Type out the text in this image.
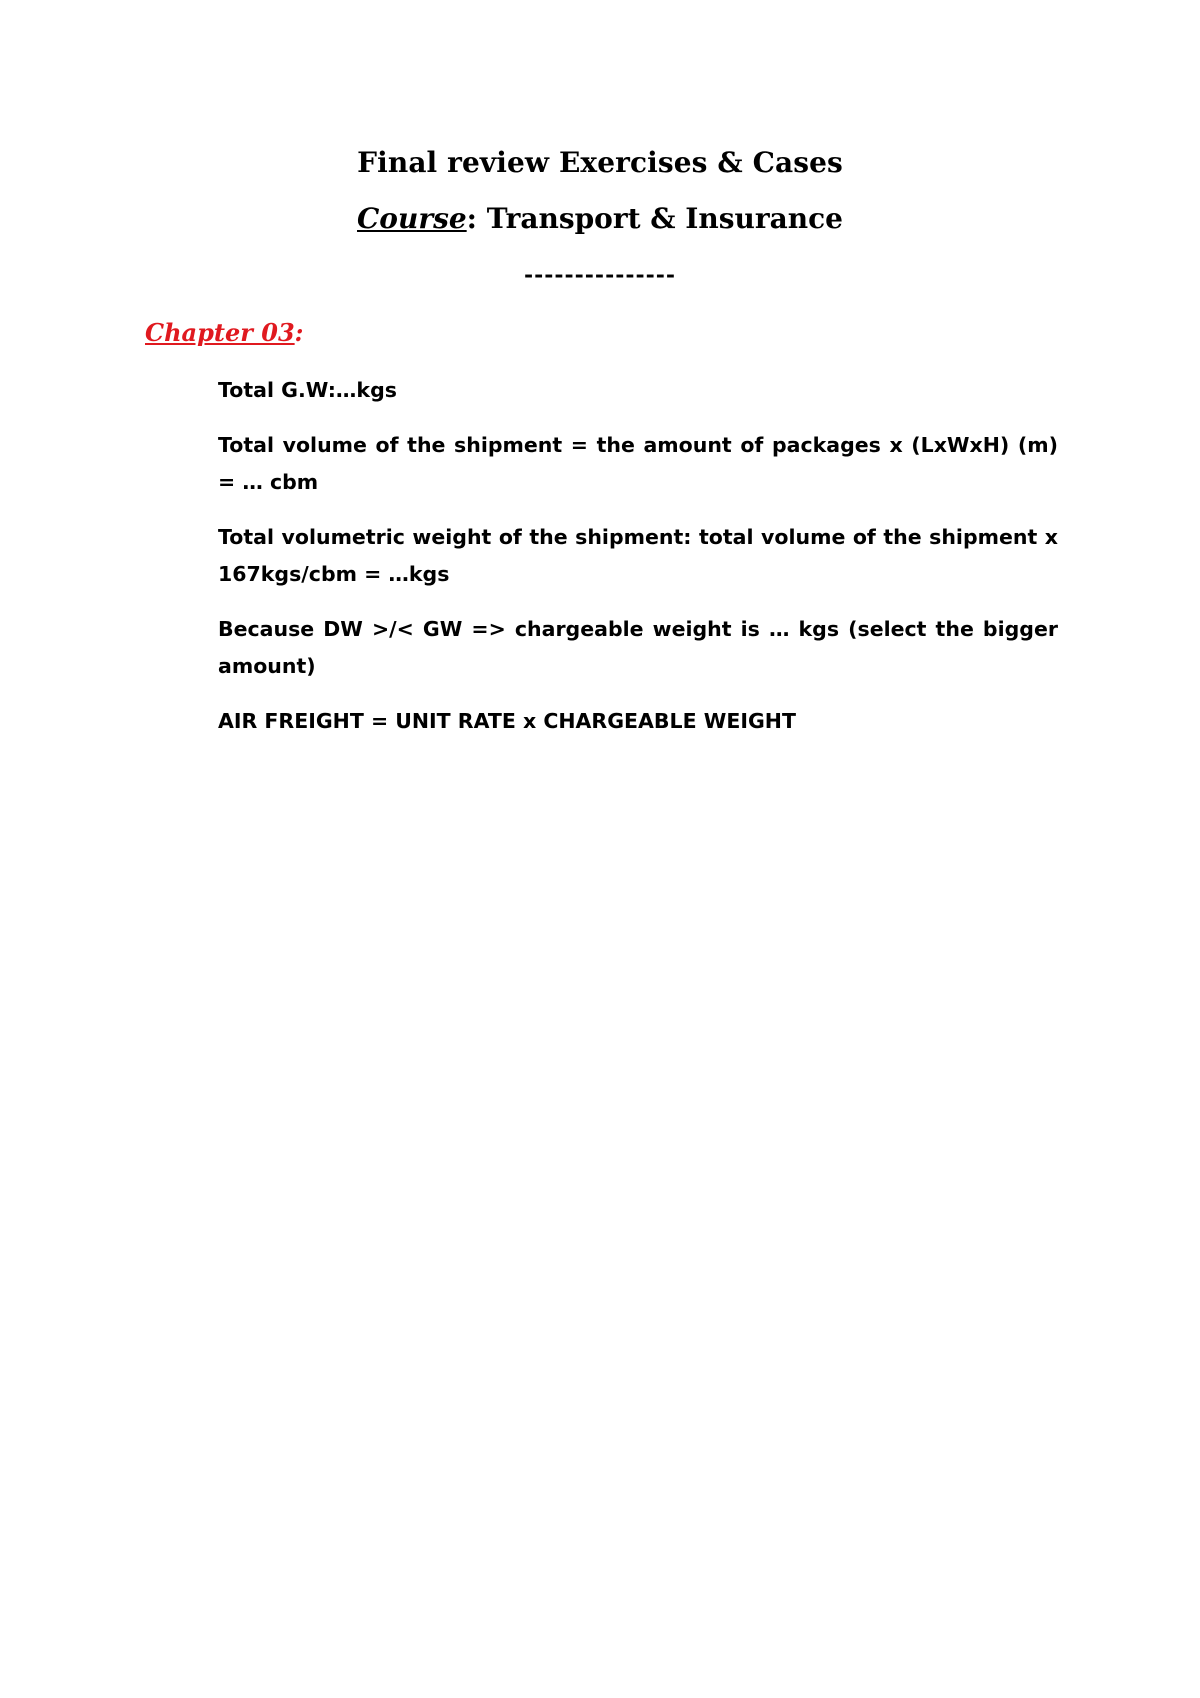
Final review Exercises & Cases
Course: Transport & Insurance
---------------
Chapter 03:

Total G.W:…kgs

Total volume of the shipment = the amount of packages x (LxWxH) (m) = … cbm

Total volumetric weight of the shipment: total volume of the shipment x 167kgs/cbm = …kgs

Because DW >/< GW => chargeable weight is … kgs (select the bigger amount)

AIR FREIGHT = UNIT RATE x CHARGEABLE WEIGHT
